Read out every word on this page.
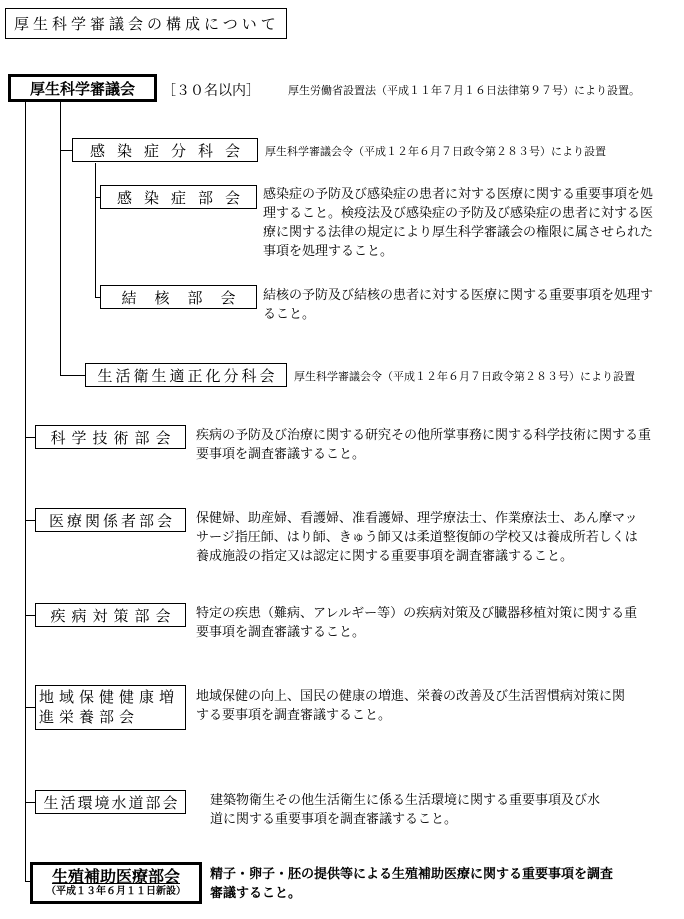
厚生科学審議会の構成について
厚生科学審議会 ［３０名以内］	厚生労働省設置法（平成１１年７月１６日法律第９７号）により設置。
感染症分科会 厚生科学審議会令（平成１２年６月７日政令第２８３号）により設置
感染症部会 感染症の予防及び感染症の患者に対する医療に関する重要事項を処理すること。検疫法及び感染症の予防及び感染症の患者に対する医療に関する法律の規定により厚生科学審議会の権限に属させられた事項を処理すること。
結核部会 結核の予防及び結核の患者に対する医療に関する重要事項を処理すること。
生活衛生適正化分科会 厚生科学審議会令（平成１２年６月７日政令第２８３号）により設置
科学技術部会 疾病の予防及び治療に関する研究その他所掌事務に関する科学技術に関する重要事項を調査審議すること。
医療関係者部会 保健婦、助産婦、看護婦、准看護婦、理学療法士、作業療法士、あん摩マッサージ指圧師、はり師、きゅう師又は柔道整復師の学校又は養成所若しくは養成施設の指定又は認定に関する重要事項を調査審議すること。
疾病対策部会 特定の疾患（難病、アレルギー等）の疾病対策及び臓器移植対策に関する重要事項を調査審議すること。
地域保健健康増進栄養部会
地域保健の向上、国民の健康の増進、栄養の改善及び生活習慣病対策に関する要事項を調査審議すること。
生活環境水道部会 建築物衛生その他生活衛生に係る生活環境に関する重要事項及び水道に関する重要事項を調査審議すること。
生殖補助医療部会
（平成１３年６月１１日新設）
精子・卵子・胚の提供等による生殖補助医療に関する重要事項を調査審議すること。
